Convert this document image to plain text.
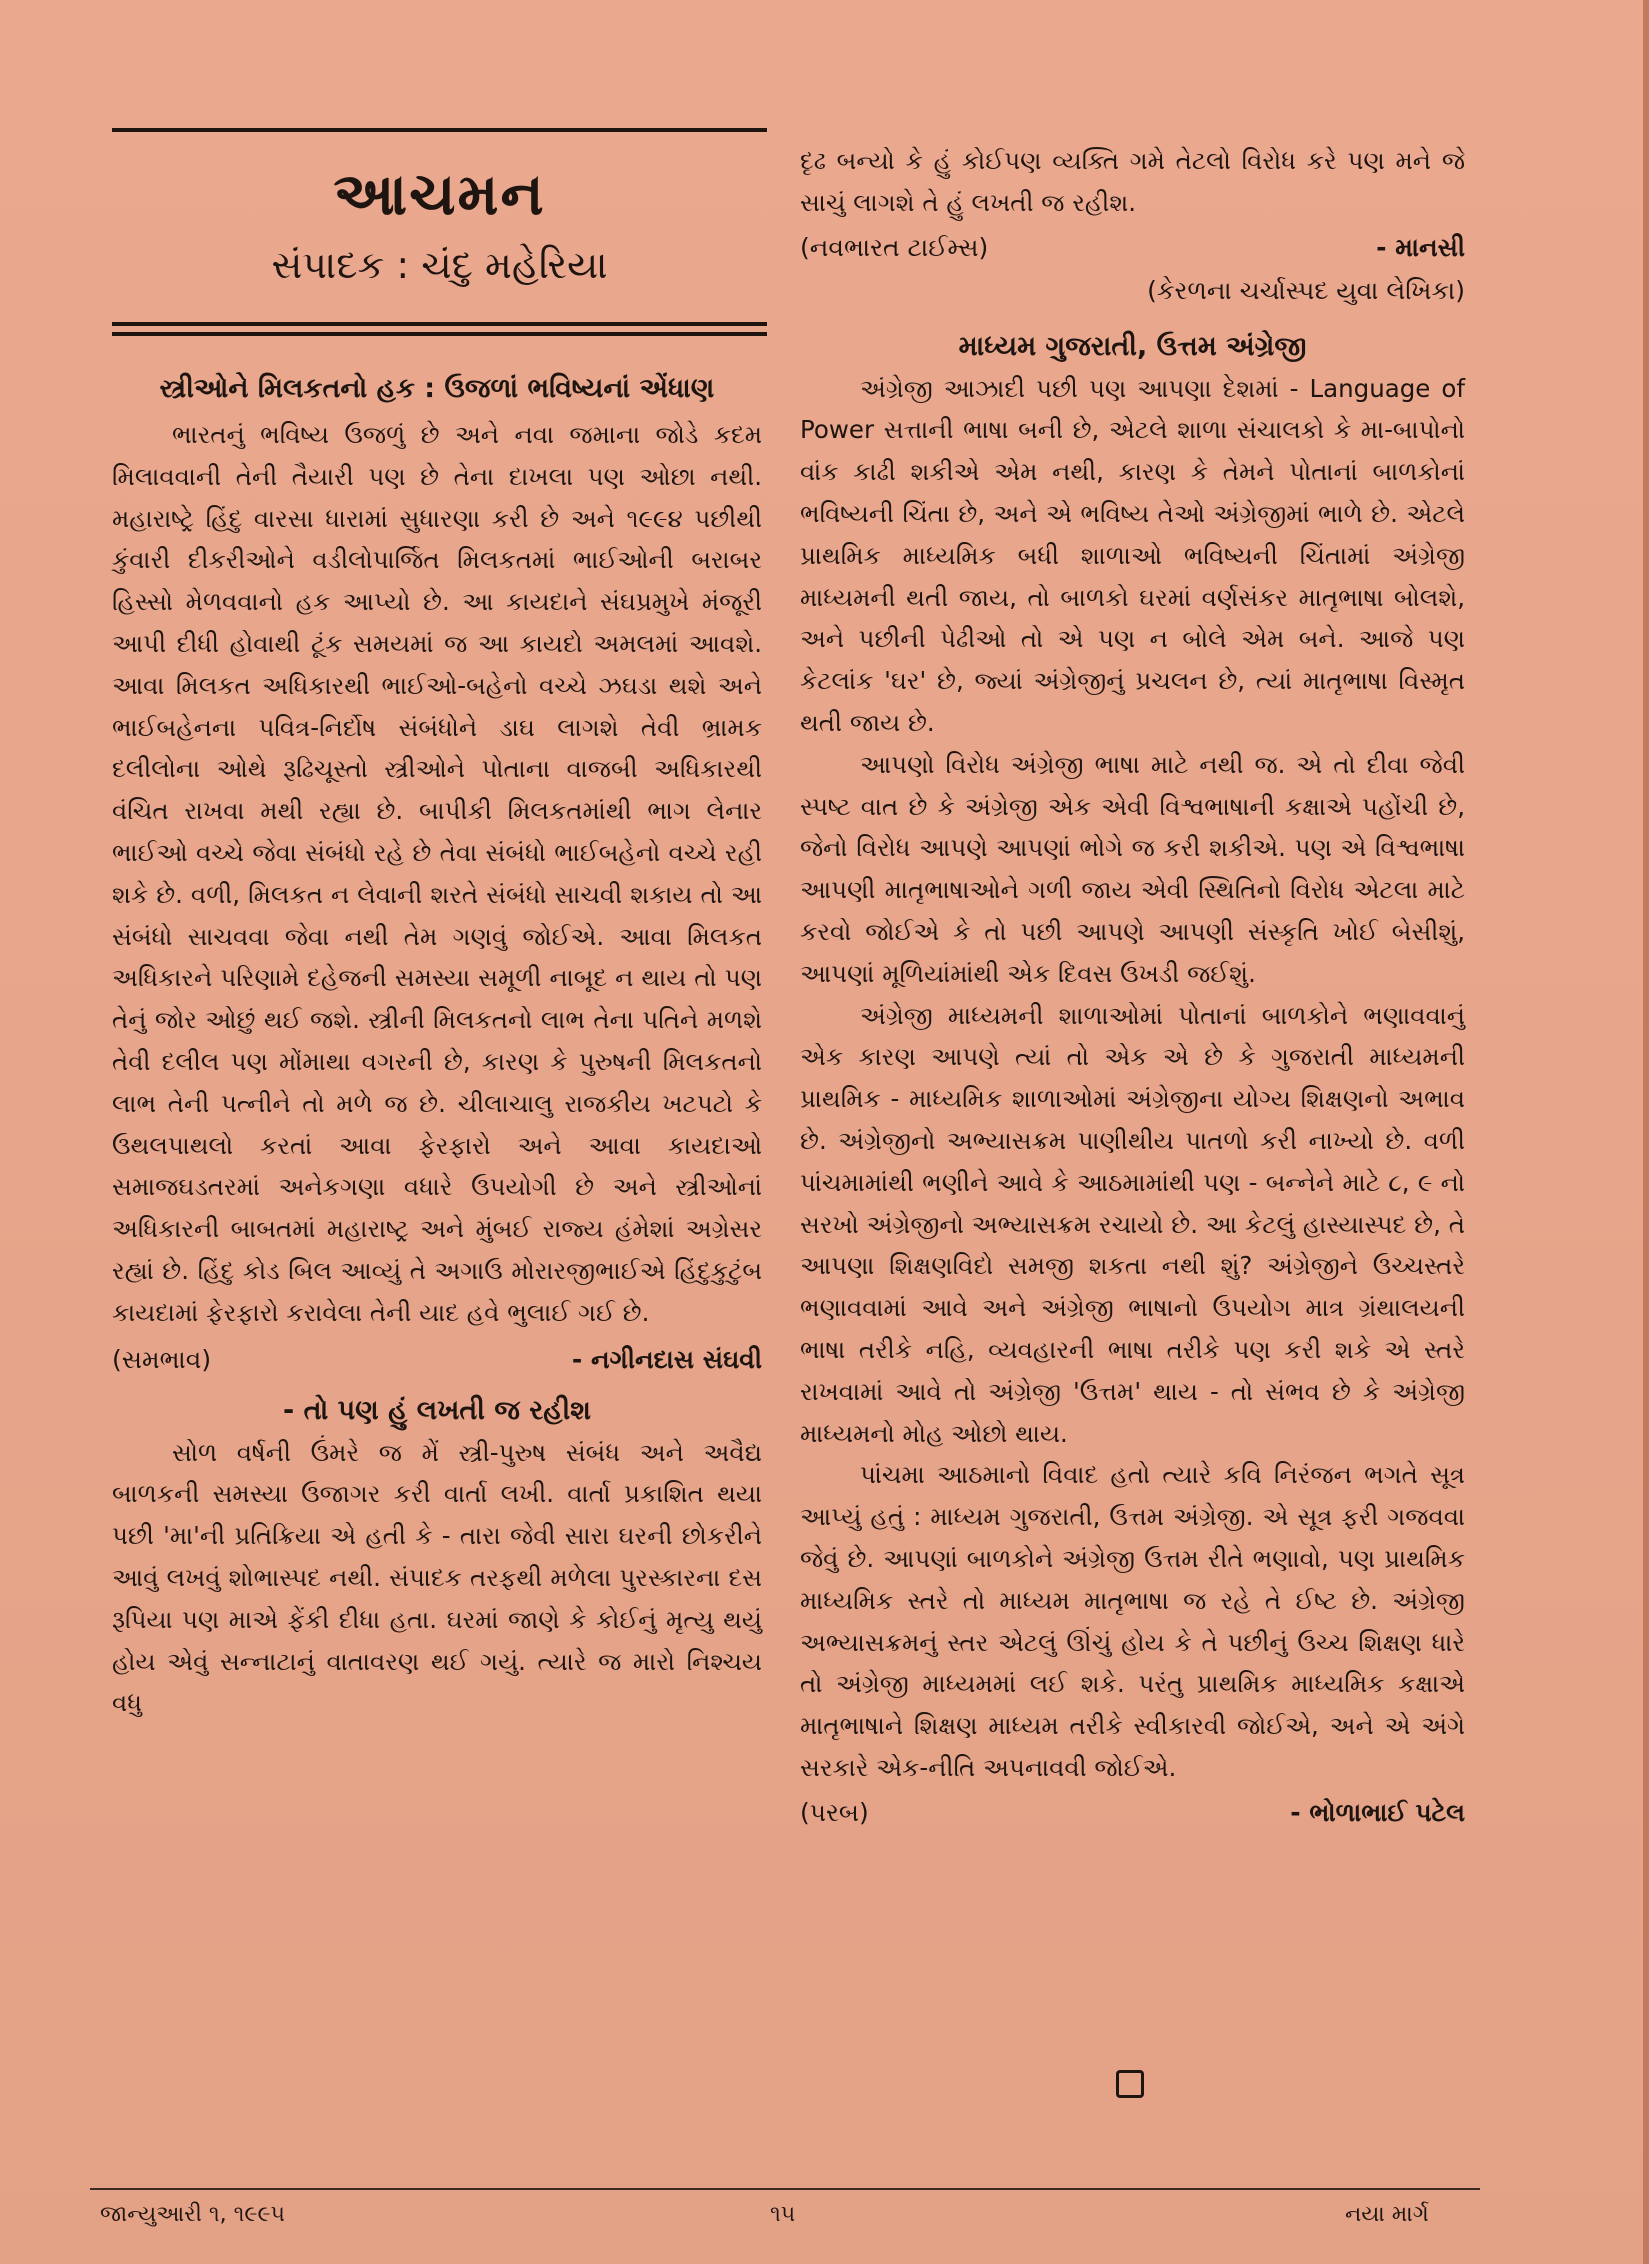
આચમન
સંપાદક : ચંદુ મહેરિયા
સ્ત્રીઓને મિલકતનો હક : ઉજળાં ભવિષ્યનાં એંધાણ

ભારતનું ભવિષ્ય ઉજળું છે અને નવા જમાના જોડે કદમ મિલાવવાની તેની તૈયારી પણ છે તેના દાખલા પણ ઓછા નથી. મહારાષ્ટ્રે હિંદુ વારસા ધારામાં સુધારણા કરી છે અને ૧૯૯૪ પછીથી કુંવારી દીકરીઓને વડીલોપાર્જિત મિલકતમાં ભાઈઓની બરાબર હિસ્સો મેળવવાનો હક આપ્યો છે. આ કાયદાને સંઘપ્રમુખે મંજૂરી આપી દીધી હોવાથી ટૂંક સમયમાં જ આ કાયદો અમલમાં આવશે. આવા મિલકત અધિકારથી ભાઈઓ-બહેનો વચ્ચે ઝઘડા થશે અને ભાઈબહેનના પવિત્ર-નિર્દોષ સંબંધોને ડાઘ લાગશે તેવી ભ્રામક દલીલોના ઓથે રૂઢિચૂસ્તો સ્ત્રીઓને પોતાના વાજબી અધિકારથી વંચિત રાખવા મથી રહ્યા છે. બાપીકી મિલકતમાંથી ભાગ લેનાર ભાઈઓ વચ્ચે જેવા સંબંધો રહે છે તેવા સંબંધો ભાઈબહેનો વચ્ચે રહી શકે છે. વળી, મિલકત ન લેવાની શરતે સંબંધો સાચવી શકાય તો આ સંબંધો સાચવવા જેવા નથી તેમ ગણવું જોઈએ. આવા મિલકત અધિકારને પરિણામે દહેજની સમસ્યા સમૂળી નાબૂદ ન થાય તો પણ તેનું જોર ઓછું થઈ જશે. સ્ત્રીની મિલકતનો લાભ તેના પતિને મળશે તેવી દલીલ પણ મોંમાથા વગરની છે, કારણ કે પુરુષની મિલકતનો લાભ તેની પત્નીને તો મળે જ છે. ચીલાચાલુ રાજકીય ખટપટો કે ઉથલપાથલો કરતાં આવા ફેરફારો અને આવા કાયદાઓ સમાજઘડતરમાં અનેકગણા વધારે ઉપયોગી છે અને સ્ત્રીઓનાં અધિકારની બાબતમાં મહારાષ્ટ્ર અને મુંબઈ રાજ્ય હંમેશાં અગ્રેસર રહ્યાં છે. હિંદુ કોડ બિલ આવ્યું તે અગાઉ મોરારજીભાઈએ હિંદુકુટુંબ કાયદામાં ફેરફારો કરાવેલા તેની યાદ હવે ભુલાઈ ગઈ છે.

(સમભાવ)	- નગીનદાસ સંઘવી
- તો પણ હું લખતી જ રહીશ

સોળ વર્ષની ઉંમરે જ મેં સ્ત્રી-પુરુષ સંબંધ અને અવૈદ્ય બાળકની સમસ્યા ઉજાગર કરી વાર્તા લખી. વાર્તા પ્રકાશિત થયા પછી 'મા'ની પ્રતિક્રિયા એ હતી કે - તારા જેવી સારા ઘરની છોકરીને આવું લખવું શોભાસ્પદ નથી. સંપાદક તરફથી મળેલા પુરસ્કારના દસ રૂપિયા પણ માએ ફેંકી દીધા હતા. ઘરમાં જાણે કે કોઈનું મૃત્યુ થયું હોય એવું સન્નાટાનું વાતાવરણ થઈ ગયું. ત્યારે જ મારો નિશ્ચય વધુ

દૃઢ બન્યો કે હું કોઈપણ વ્યક્તિ ગમે તેટલો વિરોધ કરે પણ મને જે સાચું લાગશે તે હું લખતી જ રહીશ.

(નવભારત ટાઈમ્સ)	- માનસી
(કેરળના ચર્ચાસ્પદ યુવા લેખિકા)
માધ્યમ ગુજરાતી, ઉત્તમ અંગ્રેજી

અંગ્રેજી આઝાદી પછી પણ આપણા દેશમાં - Language of Power સત્તાની ભાષા બની છે, એટલે શાળા સંચાલકો કે મા-બાપોનો વાંક કાઢી શકીએ એમ નથી, કારણ કે તેમને પોતાનાં બાળકોનાં ભવિષ્યની ચિંતા છે, અને એ ભવિષ્ય તેઓ અંગ્રેજીમાં ભાળે છે. એટલે પ્રાથમિક માધ્યમિક બધી શાળાઓ ભવિષ્યની ચિંતામાં અંગ્રેજી માધ્યમની થતી જાય, તો બાળકો ઘરમાં વર્ણસંકર માતૃભાષા બોલશે, અને પછીની પેઢીઓ તો એ પણ ન બોલે એમ બને. આજે પણ કેટલાંક 'ઘર' છે, જ્યાં અંગ્રેજીનું પ્રચલન છે, ત્યાં માતૃભાષા વિસ્મૃત થતી જાય છે.

આપણો વિરોધ અંગ્રેજી ભાષા માટે નથી જ. એ તો દીવા જેવી સ્પષ્ટ વાત છે કે અંગ્રેજી એક એવી વિશ્વભાષાની કક્ષાએ પહોંચી છે, જેનો વિરોધ આપણે આપણાં ભોગે જ કરી શકીએ. પણ એ વિશ્વભાષા આપણી માતૃભાષાઓને ગળી જાય એવી સ્થિતિનો વિરોધ એટલા માટે કરવો જોઈએ કે તો પછી આપણે આપણી સંસ્કૃતિ ખોઈ બેસીશું, આપણાં મૂળિયાંમાંથી એક દિવસ ઉખડી જઈશું.

અંગ્રેજી માધ્યમની શાળાઓમાં પોતાનાં બાળકોને ભણાવવાનું એક કારણ આપણે ત્યાં તો એક એ છે કે ગુજરાતી માધ્યમની પ્રાથમિક - માધ્યમિક શાળાઓમાં અંગ્રેજીના યોગ્ય શિક્ષણનો અભાવ છે. અંગ્રેજીનો અભ્યાસક્રમ પાણીથીય પાતળો કરી નાખ્યો છે. વળી પાંચમામાંથી ભણીને આવે કે આઠમામાંથી પણ - બન્નેને માટે ૮, ૯ નો સરખો અંગ્રેજીનો અભ્યાસક્રમ રચાયો છે. આ કેટલું હાસ્યાસ્પદ છે, તે આપણા શિક્ષણવિદો સમજી શકતા નથી શું? અંગ્રેજીને ઉચ્ચસ્તરે ભણાવવામાં આવે અને અંગ્રેજી ભાષાનો ઉપયોગ માત્ર ગ્રંથાલયની ભાષા તરીકે નહિ, વ્યવહારની ભાષા તરીકે પણ કરી શકે એ સ્તરે રાખવામાં આવે તો અંગ્રેજી 'ઉત્તમ' થાય - તો સંભવ છે કે અંગ્રેજી માધ્યમનો મોહ ઓછો થાય.

પાંચમા આઠમાનો વિવાદ હતો ત્યારે કવિ નિરંજન ભગતે સૂત્ર આપ્યું હતું : માધ્યમ ગુજરાતી, ઉત્તમ અંગ્રેજી. એ સૂત્ર ફરી ગજવવા જેવું છે. આપણાં બાળકોને અંગ્રેજી ઉત્તમ રીતે ભણાવો, પણ પ્રાથમિક માધ્યમિક સ્તરે તો માધ્યમ માતૃભાષા જ રહે તે ઈષ્ટ છે. અંગ્રેજી અભ્યાસક્રમનું સ્તર એટલું ઊંચું હોય કે તે પછીનું ઉચ્ચ શિક્ષણ ધારે તો અંગ્રેજી માધ્યમમાં લઈ શકે. પરંતુ પ્રાથમિક માધ્યમિક કક્ષાએ માતૃભાષાને શિક્ષણ માધ્યમ તરીકે સ્વીકારવી જોઈએ, અને એ અંગે સરકારે એક-નીતિ અપનાવવી જોઈએ.

(પરબ)	- ભોળાભાઈ પટેલ
જાન્યુઆરી ૧, ૧૯૯૫	૧૫	નયા માર્ગ
